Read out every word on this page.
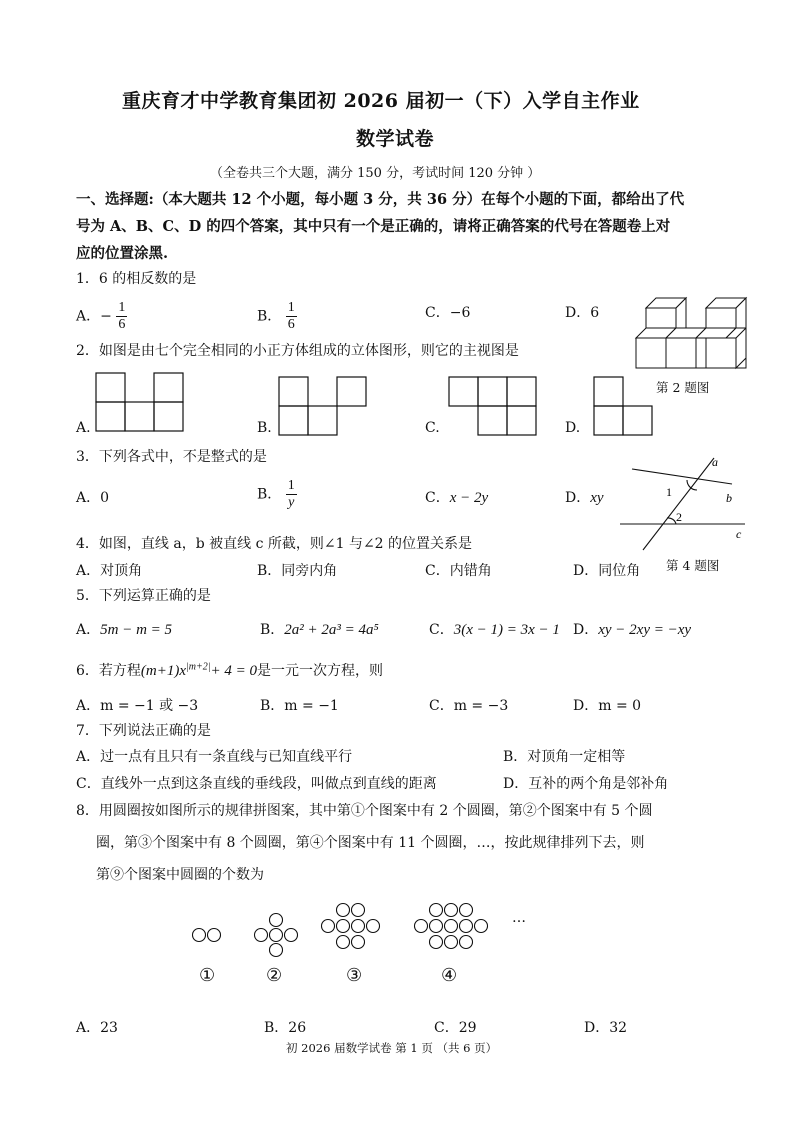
重庆育才中学教育集团初 2026 届初一（下）入学自主作业
数学试卷
（全卷共三个大题，满分 150 分，考试时间 120 分钟 ）
一、选择题:（本大题共 12 个小题，每小题 3 分，共 36 分）在每个小题的下面，都给出了代
号为 A、B、C、D 的四个答案，其中只有一个是正确的，请将正确答案的代号在答题卷上对
应的位置涂黑.
1．6 的相反数的是
A．− $\frac{1}{6}$	B． $\frac{1}{6}$	C．−6	D．6
第 2 题图
2．如图是由七个完全相同的小正方体组成的立体图形，则它的主视图是
A.	B.	C.	D.
3．下列各式中，不是整式的是
A．0	B． $\frac{1}{y}$	C．x − 2y	D．xy
a
b
c
1
2
第 4 题图
4．如图，直线 a，b 被直线 c 所截，则∠1 与∠2 的位置关系是
A．对顶角	B．同旁内角	C．内错角	D．同位角
5．下列运算正确的是
A．5m − m = 5	B．2a² + 2a³ = 4a⁵	C．3(x − 1) = 3x − 1 D．xy − 2xy = −xy
6．若方程$(m+1)x^{|m+2|}+ 4 = 0$是一元一次方程，则
A．m = −1 或 −3	B．m = −1	C．m = −3	D．m = 0
7．下列说法正确的是
A．过一点有且只有一条直线与已知直线平行	B．对顶角一定相等
C．直线外一点到这条直线的垂线段，叫做点到直线的距离	D．互补的两个角是邻补角
8．用圆圈按如图所示的规律拼图案，其中第①个图案中有 2 个圆圈，第②个图案中有 5 个圆
圈，第③个图案中有 8 个圆圈，第④个图案中有 11 个圆圈，…，按此规律排列下去，则
第⑨个图案中圆圈的个数为
…
①	②	③	④
A．23	B．26	C．29	D．32
初 2026 届数学试卷 第 1 页 （共 6 页）
